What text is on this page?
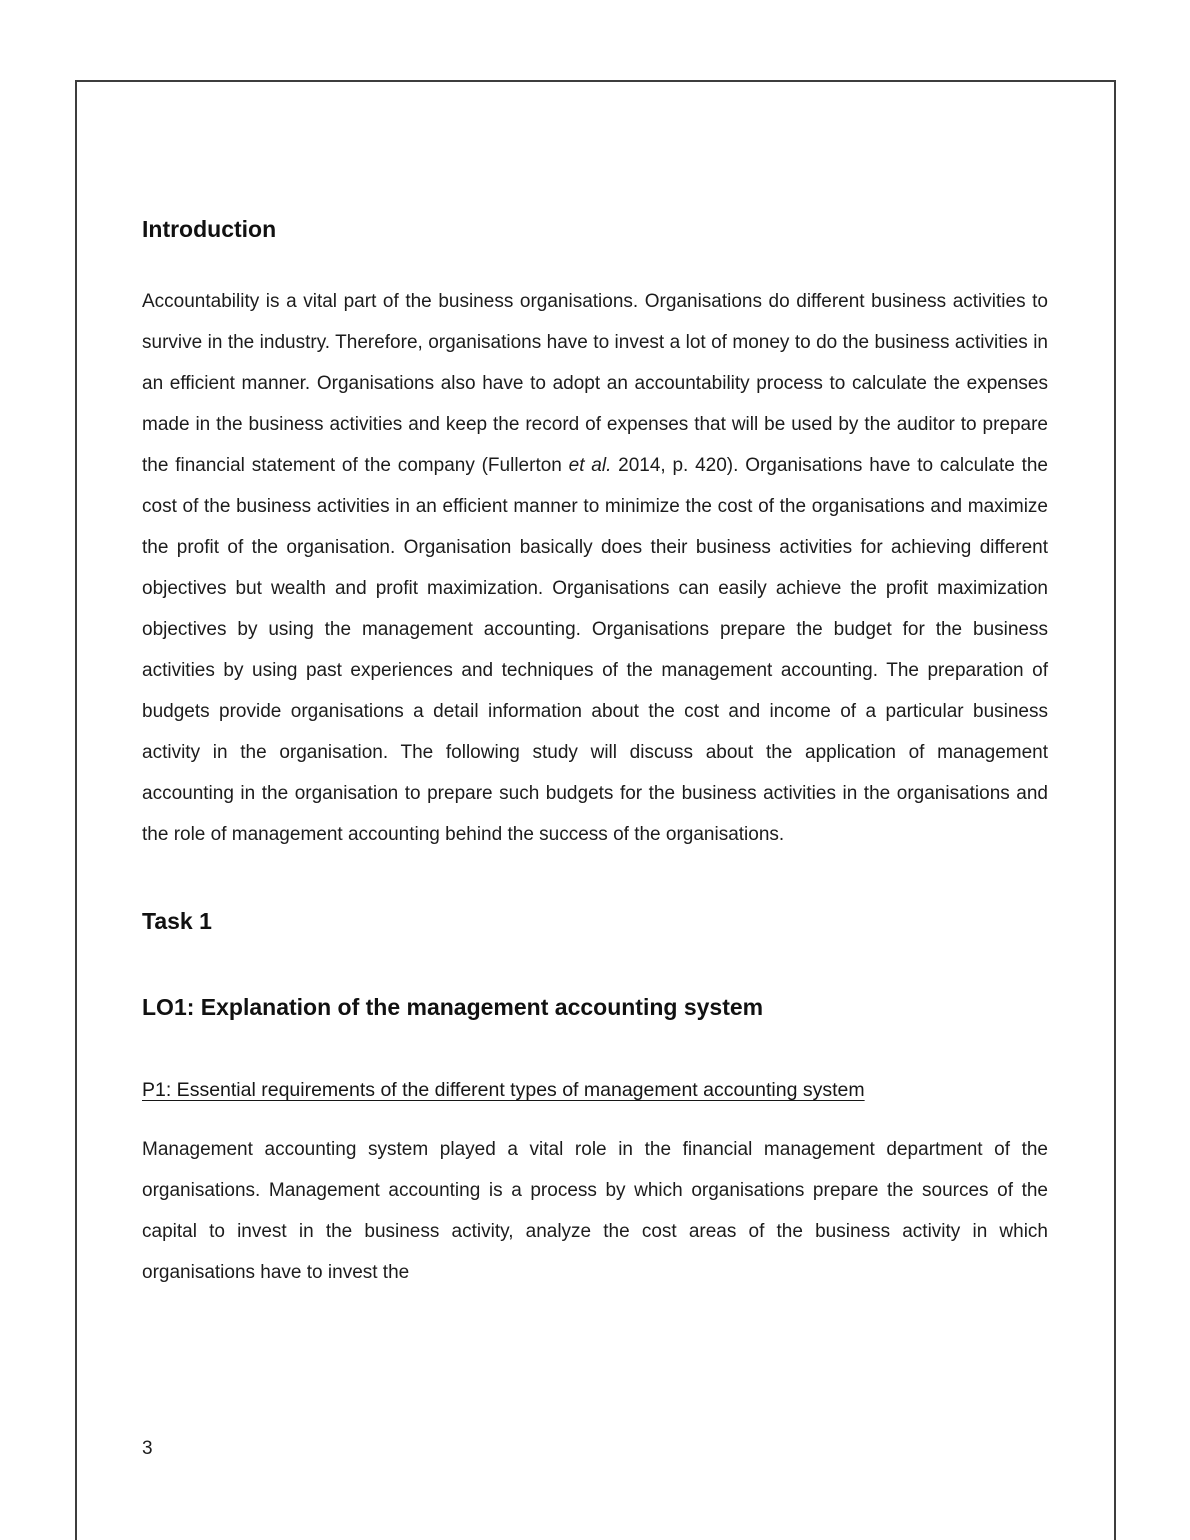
Introduction

Accountability is a vital part of the business organisations. Organisations do different business activities to survive in the industry. Therefore, organisations have to invest a lot of money to do the business activities in an efficient manner. Organisations also have to adopt an accountability process to calculate the expenses made in the business activities and keep the record of expenses that will be used by the auditor to prepare the financial statement of the company (Fullerton et al. 2014, p. 420). Organisations have to calculate the cost of the business activities in an efficient manner to minimize the cost of the organisations and maximize the profit of the organisation. Organisation basically does their business activities for achieving different objectives but wealth and profit maximization. Organisations can easily achieve the profit maximization objectives by using the management accounting. Organisations prepare the budget for the business activities by using past experiences and techniques of the management accounting. The preparation of budgets provide organisations a detail information about the cost and income of a particular business activity in the organisation. The following study will discuss about the application of management accounting in the organisation to prepare such budgets for the business activities in the organisations and the role of management accounting behind the success of the organisations.

Task 1
LO1: Explanation of the management accounting system
P1: Essential requirements of the different types of management accounting system

Management accounting system played a vital role in the financial management department of the organisations. Management accounting is a process by which organisations prepare the sources of the capital to invest in the business activity, analyze the cost areas of the business activity in which organisations have to invest the

3
